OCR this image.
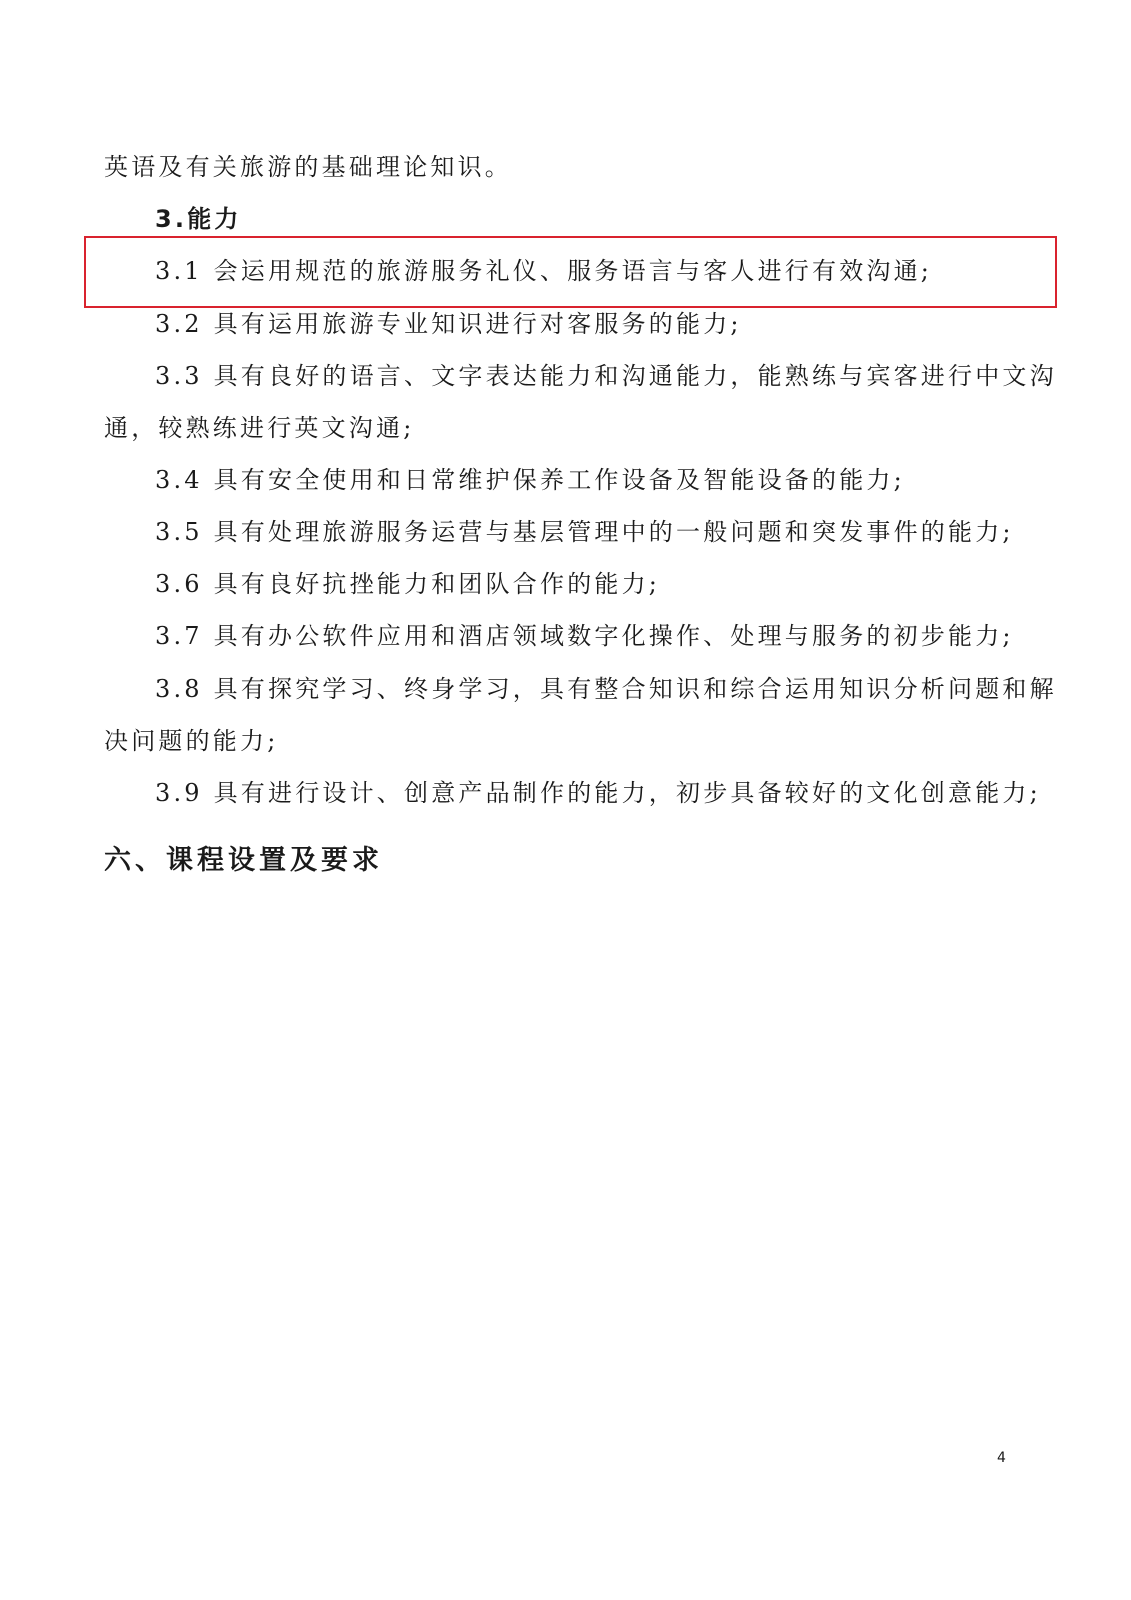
英语及有关旅游的基础理论知识。
3.能力
3.1 会运用规范的旅游服务礼仪、服务语言与客人进行有效沟通;
3.2 具有运用旅游专业知识进行对客服务的能力;
3.3 具有良好的语言、文字表达能力和沟通能力，能熟练与宾客进行中文沟
通，较熟练进行英文沟通;
3.4 具有安全使用和日常维护保养工作设备及智能设备的能力;
3.5 具有处理旅游服务运营与基层管理中的一般问题和突发事件的能力;
3.6 具有良好抗挫能力和团队合作的能力;
3.7 具有办公软件应用和酒店领域数字化操作、处理与服务的初步能力;
3.8 具有探究学习、终身学习，具有整合知识和综合运用知识分析问题和解
决问题的能力;
3.9 具有进行设计、创意产品制作的能力，初步具备较好的文化创意能力;
六、课程设置及要求
4
